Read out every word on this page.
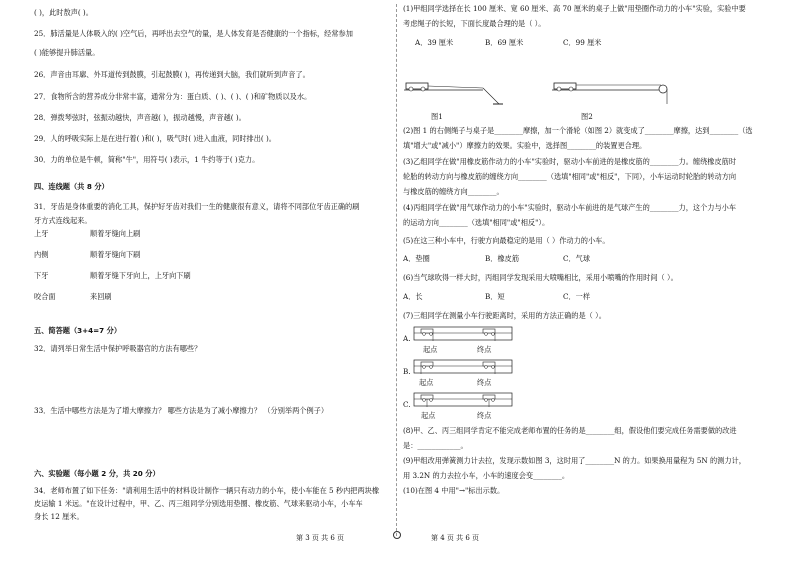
( )，此时敖声( )。
25．肺活量是人体吸入的( )空气后，再呼出去空气的量，是人体发育是否健康的一个指标，经常参加
( )能够提升肺活量。
26．声音由耳廓、外耳道传到鼓膜，引起鼓膜( )，再传递到大脑，我们就听到声音了。
27．食物所含的营养成分非常丰富，通常分为：蛋白质、( )、( )、( )和矿物质以及水。
28．弹拨琴弦时，弦振动越快，声音越( )，振动越慢，声音越( )。
29．人的呼吸实际上是在进行着( )和( )，吸气时( )进入血液，同时排出( )。
30．力的单位是牛顿，简称"牛"，用符号( )表示，1 牛约等于( )克力。
四、连线题（共 8 分）
31．牙齿是身体重要的消化工具，保护好牙齿对我们一生的健康很有意义，请将不同部位牙齿正确的刷
牙方式连线起来。
上牙	顺着牙缝向上刷
内侧	顺着牙缝向下刷
下牙	顺着牙缝下牙向上，上牙向下刷
咬合面	来回刷
五、简答题（3+4=7 分）
32．请列举日常生活中保护呼吸器官的方法有哪些？
33．生活中哪些方法是为了增大摩擦力？ 哪些方法是为了减小摩擦力？ （分别举两个例子）
六、实验题（每小题 2 分，共 20 分）
34．老师布置了如下任务："请利用生活中的材料设计制作一辆只有动力的小车，使小车能在 5 秒内把两块橡
皮运输 1 米远。"在设计过程中，甲、乙、丙三组同学分别选用垫圈、橡皮筋、气球来驱动小车，小车车
身长 12 厘米。
第 3 页 共 6 页
(1)甲组同学选择在长 100 厘米、宽 60 厘米、高 70 厘米的桌子上做"用垫圈作动力的小车"实验，实验中要
考虑绳子的长短，下面长度最合理的是（ ）。
A．39 厘米	B．69 厘米	C．99 厘米
图1	图2
(2)图 1 的右侧绳子与桌子是________摩擦，加一个滑轮（如图 2）就变成了________摩擦，达到________（选
填"增大"或"减小"）摩擦力的效果。实验中，选择图________的装置更合理。
(3)乙组同学在做"用橡皮筋作动力的小车"实验时，驱动小车前进的是橡皮筋的________力。缠绕橡皮筋时
轮胎的转动方向与橡皮筋的缠绕方向________（选填"相同"或"相反"，下同），小车运动时轮胎的转动方向
与橡皮筋的缠绕方向________。
(4)丙组同学在做"用气球作动力的小车"实验时，驱动小车前进的是气球产生的________力，这个力与小车
的运动方向________（选填"相同"或"相反"）。
(5)在这三种小车中，行驶方向最稳定的是用（ ）作动力的小车。
A．垫圈	B．橡皮筋	C．气球
(6)当气球吹得一样大时，丙组同学发现采用大喷嘴相比，采用小喷嘴的作用时间（ ）。
A．长	B．短	C．一样
(7)三组同学在测量小车行驶距离时，采用的方法正确的是（ ）。
A.
起点	终点
B.
起点	终点
C.
起点	终点
(8)甲、乙、丙三组同学肯定不能完成老师布置的任务的是________组，假设他们要完成任务需要做的改进
是：____________。
(9)甲组改用弹簧测力计去拉，发现示数如图 3，这时用了________N 的力。如果换用量程为 5N 的测力计，
用 3.2N 的力去拉小车，小车的速度会变________。
(10)在图 4 中用"→"标出示数。
第 4 页 共 6 页
